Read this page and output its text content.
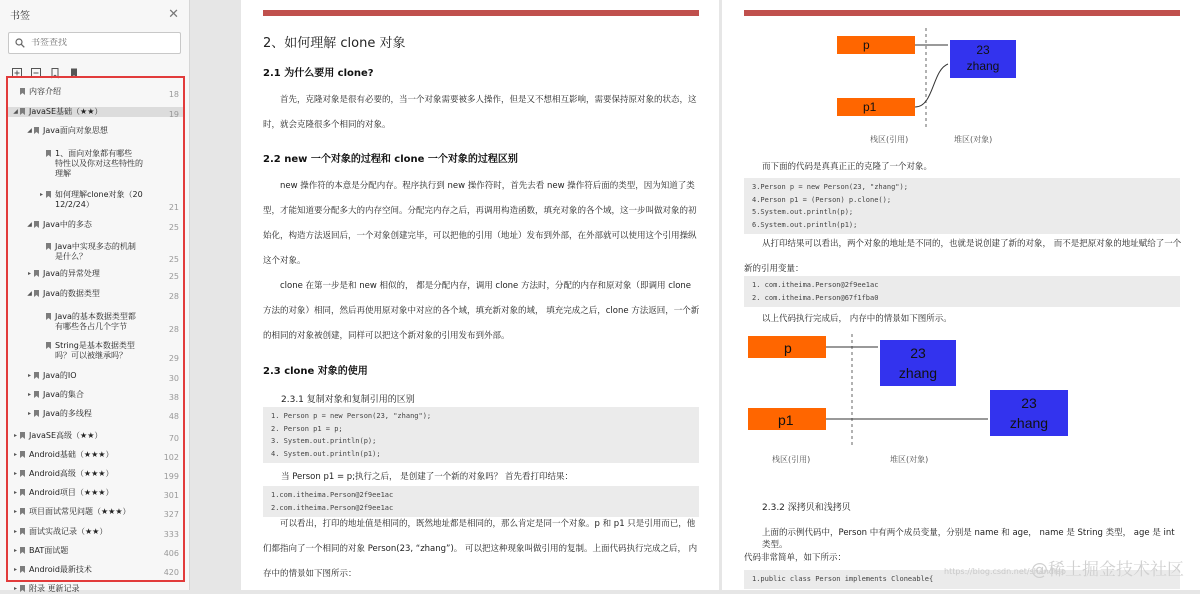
书签	✕
书签查找
内容介绍	18
◢ JavaSE基础（★★）	19
◢ Java面向对象思想
1、面向对象都有哪些
特性以及你对这些特性的
理解
▸ 如何理解clone对象（20
12/2/24）	21
◢ Java中的多态	25
Java中实现多态的机制
是什么？	25
▸ Java的异常处理	25
◢ Java的数据类型	28
Java的基本数据类型都
有哪些各占几个字节	28
String是基本数据类型
吗？可以被继承吗？	29
▸ Java的IO	30
▸ Java的集合	38
▸ Java的多线程	48
▸ JavaSE高级（★★）	70
▸ Android基础（★★★）	102
▸ Android高级（★★★）	199
▸ Android项目（★★★）	301
▸ 项目面试常见问题（★★★）	327
▸ 面试实战记录（★★）	333
▸ BAT面试题	406
▸ Android最新技术	420
▸ 附录 更新记录
2、如何理解 clone 对象
2.1 为什么要用 clone?
首先，克隆对象是很有必要的，当一个对象需要被多人操作，但是又不想相互影响，需要保持原对象的状态，这时，就会克隆很多个相同的对象。
2.2 new 一个对象的过程和 clone 一个对象的过程区别
new 操作符的本意是分配内存。程序执行到 new 操作符时，首先去看 new 操作符后面的类型，因为知道了类型，才能知道要分配多大的内存空间。分配完内存之后，再调用构造函数，填充对象的各个域，这一步叫做对象的初始化，构造方法返回后，一个对象创建完毕，可以把他的引用（地址）发布到外部，在外部就可以使用这个引用操纵这个对象。
clone 在第一步是和 new 相似的， 都是分配内存，调用 clone 方法时，分配的内存和原对象（即调用 clone 方法的对象）相同，然后再使用原对象中对应的各个域，填充新对象的域， 填充完成之后，clone 方法返回，一个新的相同的对象被创建，同样可以把这个新对象的引用发布到外部。
2.3 clone 对象的使用
2.3.1 复制对象和复制引用的区别
1. Person p = new Person(23, "zhang");
2. Person p1 = p;
3. System.out.println(p);
4. System.out.println(p1);
当 Person p1 = p;执行之后， 是创建了一个新的对象吗？ 首先看打印结果：
1.com.itheima.Person@2f9ee1ac
2.com.itheima.Person@2f9ee1ac
可以看出，打印的地址值是相同的，既然地址都是相同的，那么肯定是同一个对象。p 和 p1 只是引用而已，他们都指向了一个相同的对象 Person(23, “zhang”)。 可以把这种现象叫做引用的复制。上面代码执行完成之后， 内存中的情景如下图所示：
p
p1
23
zhang
栈区(引用)	堆区(对象)
而下面的代码是真真正正的克隆了一个对象。
3.Person p = new Person(23, "zhang");
4.Person p1 = (Person) p.clone();
5.System.out.println(p);
6.System.out.println(p1);
从打印结果可以看出，两个对象的地址是不同的，也就是说创建了新的对象， 而不是把原对象的地址赋给了一个
新的引用变量：
1. com.itheima.Person@2f9ee1ac
2. com.itheima.Person@67f1fba0
以上代码执行完成后， 内存中的情景如下图所示。
p
p1
23
zhang
23
zhang
栈区(引用)	堆区(对象)
2.3.2 深拷贝和浅拷贝
上面的示例代码中，Person 中有两个成员变量，分别是 name 和 age， name 是 String 类型， age 是 int 类型。
代码非常简单，如下所示：
1.public class Person implements Cloneable{
https://blog.csdn.net/shandiao
@稀土掘金技术社区
